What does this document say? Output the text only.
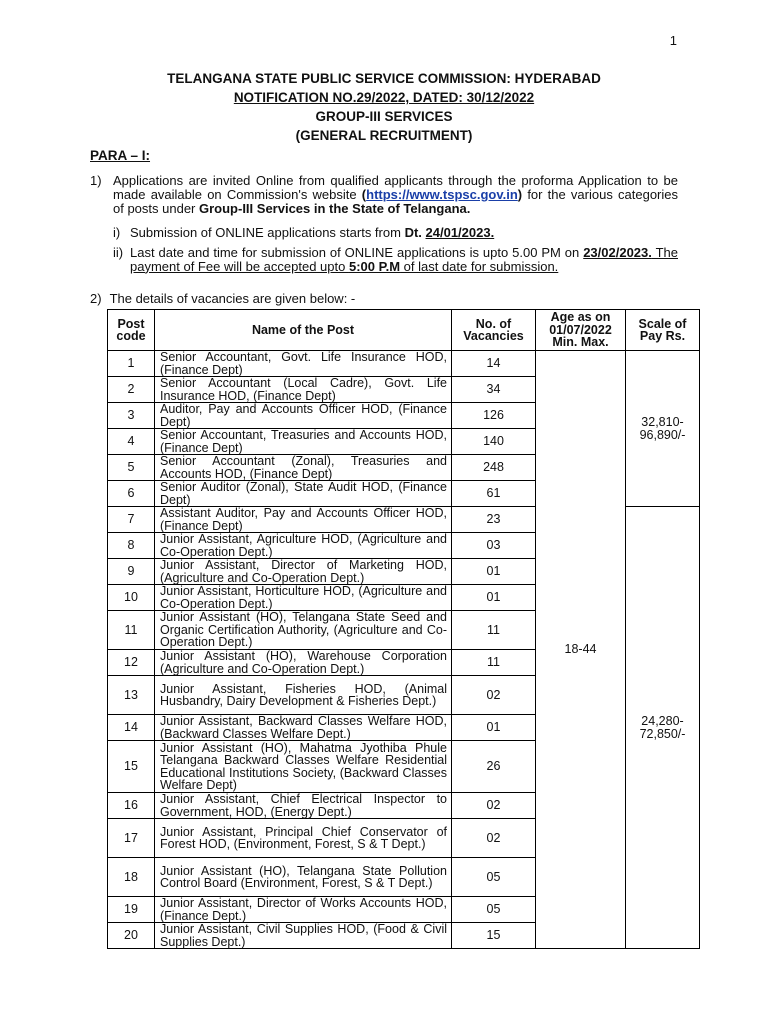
1
TELANGANA STATE PUBLIC SERVICE COMMISSION: HYDERABAD
NOTIFICATION NO.29/2022, DATED: 30/12/2022
GROUP-III SERVICES
(GENERAL RECRUITMENT)
PARA – I:
1) Applications are invited Online from qualified applicants through the proforma Application to be made available on Commission's website (https://www.tspsc.gov.in) for the various categories of posts under Group-III Services in the State of Telangana.
i) Submission of ONLINE applications starts from Dt. 24/01/2023.
ii) Last date and time for submission of ONLINE applications is upto 5.00 PM on 23/02/2023. The payment of Fee will be accepted upto 5:00 P.M of last date for submission.
2) The details of vacancies are given below: -
Post code	Name of the Post	No. of Vacancies	Age as on 01/07/2022 Min. Max.	Scale of Pay Rs.
1	Senior Accountant, Govt. Life Insurance HOD, (Finance Dept)	14	18-44	32,810-96,890/-
2	Senior Accountant (Local Cadre), Govt. Life Insurance HOD, (Finance Dept)	34		
3	Auditor, Pay and Accounts Officer HOD, (Finance Dept)	126		
4	Senior Accountant, Treasuries and Accounts HOD,(Finance Dept)	140		
5	Senior Accountant (Zonal), Treasuries and Accounts HOD, (Finance Dept)	248		
6	Senior Auditor (Zonal), State Audit HOD, (Finance Dept)	61		
7	Assistant Auditor, Pay and Accounts Officer HOD, (Finance Dept)	23		24,280-72,850/-
8	Junior Assistant, Agriculture HOD, (Agriculture and Co-Operation Dept.)	03		
9	Junior Assistant, Director of Marketing HOD, (Agriculture and Co-Operation Dept.)	01		
10	Junior Assistant, Horticulture HOD, (Agriculture and Co-Operation Dept.)	01		
11	Junior Assistant (HO), Telangana State Seed and Organic Certification Authority, (Agriculture and Co-Operation Dept.)	11		
12	Junior Assistant (HO), Warehouse Corporation (Agriculture and Co-Operation Dept.)	11		
13	Junior Assistant, Fisheries HOD, (Animal Husbandry, Dairy Development & Fisheries Dept.)	02		
14	Junior Assistant, Backward Classes Welfare HOD, (Backward Classes Welfare Dept.)	01		
15	Junior Assistant (HO), Mahatma Jyothiba Phule Telangana Backward Classes Welfare Residential Educational Institutions Society, (Backward Classes Welfare Dept)	26		
16	Junior Assistant, Chief Electrical Inspector to Government, HOD, (Energy Dept.)	02		
17	Junior Assistant, Principal Chief Conservator of Forest HOD, (Environment, Forest, S & T Dept.)	02		
18	Junior Assistant (HO), Telangana State Pollution Control Board (Environment, Forest, S & T Dept.)	05		
19	Junior Assistant, Director of Works Accounts HOD, (Finance Dept.)	05		
20	Junior Assistant, Civil Supplies HOD, (Food & Civil Supplies Dept.)	15		
